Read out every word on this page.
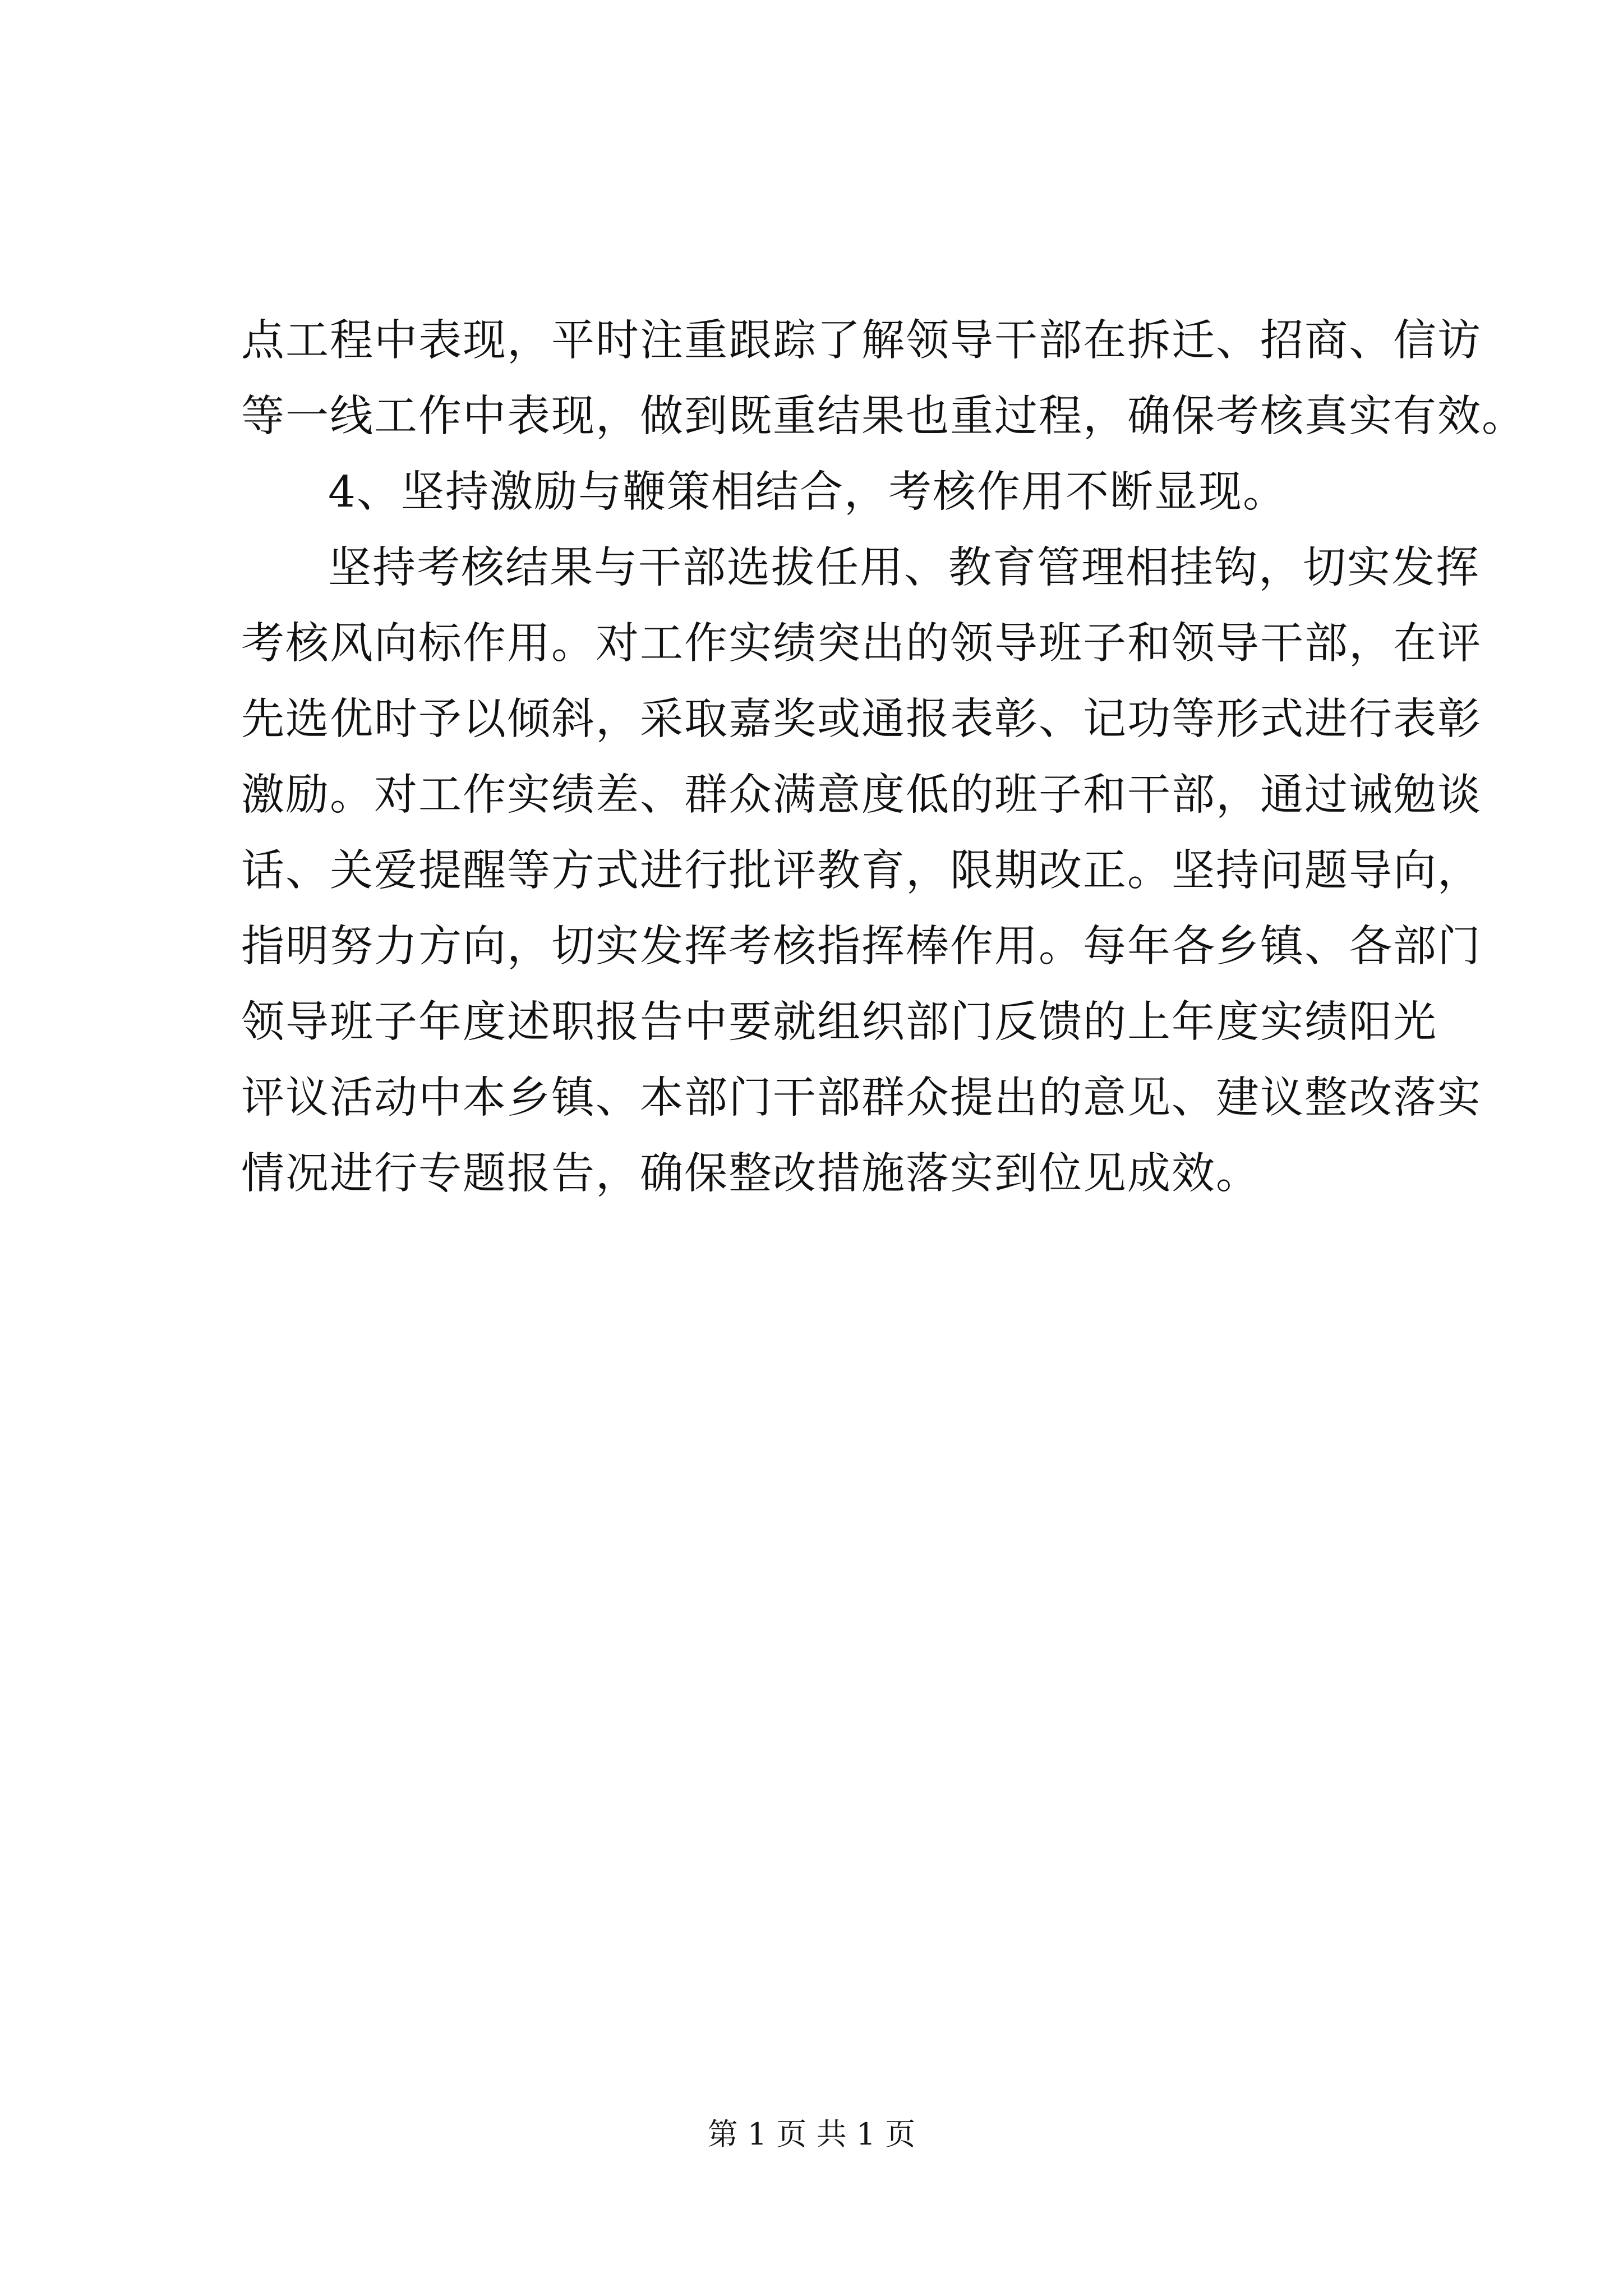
点工程中表现，平时注重跟踪了解领导干部在拆迁、招商、信访
等一线工作中表现，做到既重结果也重过程，确保考核真实有效。
4、坚持激励与鞭策相结合，考核作用不断显现。
坚持考核结果与干部选拔任用、教育管理相挂钩，切实发挥
考核风向标作用。对工作实绩突出的领导班子和领导干部，在评
先选优时予以倾斜，采取嘉奖或通报表彰、记功等形式进行表彰
激励。对工作实绩差、群众满意度低的班子和干部，通过诫勉谈
话、关爱提醒等方式进行批评教育，限期改正。坚持问题导向，
指明努力方向，切实发挥考核指挥棒作用。每年各乡镇、各部门
领导班子年度述职报告中要就组织部门反馈的上年度实绩阳光
评议活动中本乡镇、本部门干部群众提出的意见、建议整改落实
情况进行专题报告，确保整改措施落实到位见成效。
第 1 页 共 1 页
